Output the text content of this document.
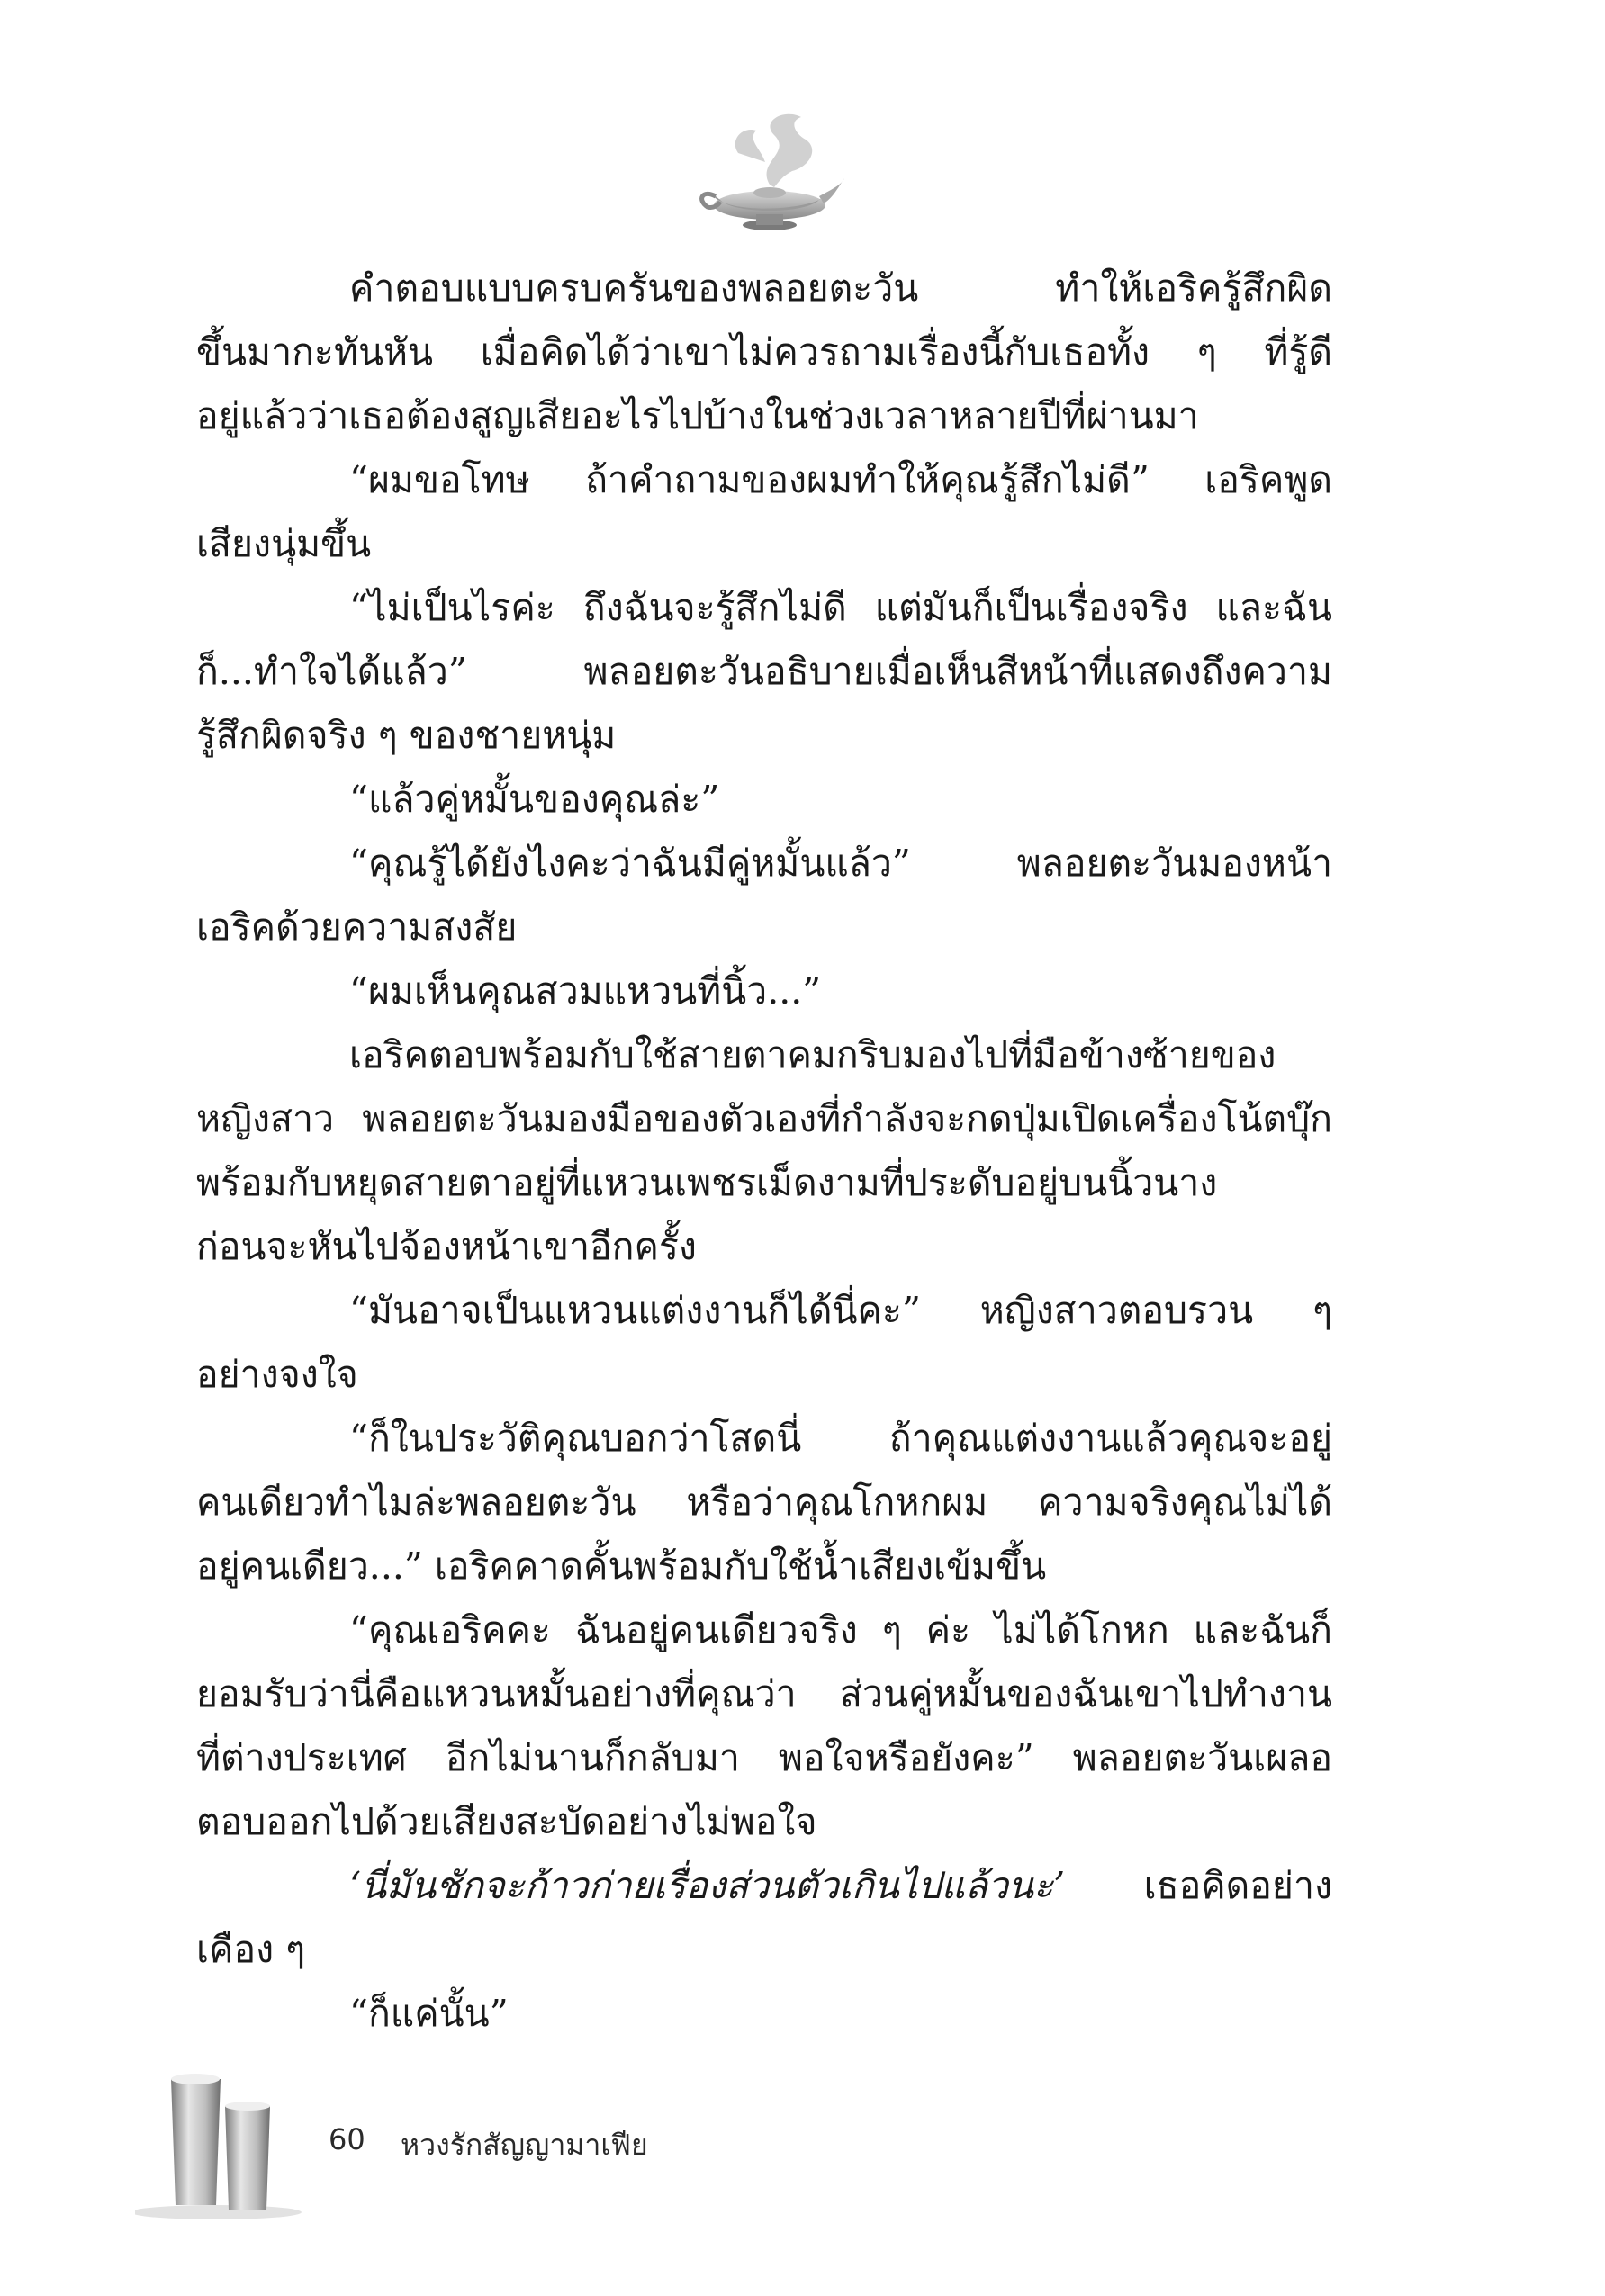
คำตอบแบบครบครันของพลอยตะวัน ทำให้เอริครู้สึกผิด
ขึ้นมากะทันหัน เมื่อคิดได้ว่าเขาไม่ควรถามเรื่องนี้กับเธอทั้ง ๆ ที่รู้ดี
อยู่แล้วว่าเธอต้องสูญเสียอะไรไปบ้างในช่วงเวลาหลายปีที่ผ่านมา
“ผมขอโทษ ถ้าคำถามของผมทำให้คุณรู้สึกไม่ดี” เอริคพูด
เสียงนุ่มขึ้น
“ไม่เป็นไรค่ะ ถึงฉันจะรู้สึกไม่ดี แต่มันก็เป็นเรื่องจริง และฉัน
ก็...ทำใจได้แล้ว” พลอยตะวันอธิบายเมื่อเห็นสีหน้าที่แสดงถึงความ
รู้สึกผิดจริง ๆ ของชายหนุ่ม
“แล้วคู่หมั้นของคุณล่ะ”
“คุณรู้ได้ยังไงคะว่าฉันมีคู่หมั้นแล้ว” พลอยตะวันมองหน้า
เอริคด้วยความสงสัย
“ผมเห็นคุณสวมแหวนที่นิ้ว...”
เอริคตอบพร้อมกับใช้สายตาคมกริบมองไปที่มือข้างซ้ายของ
หญิงสาว พลอยตะวันมองมือของตัวเองที่กำลังจะกดปุ่มเปิดเครื่องโน้ตบุ๊ก
พร้อมกับหยุดสายตาอยู่ที่แหวนเพชรเม็ดงามที่ประดับอยู่บนนิ้วนาง
ก่อนจะหันไปจ้องหน้าเขาอีกครั้ง
“มันอาจเป็นแหวนแต่งงานก็ได้นี่คะ” หญิงสาวตอบรวน ๆ
อย่างจงใจ
“ก็ในประวัติคุณบอกว่าโสดนี่ ถ้าคุณแต่งงานแล้วคุณจะอยู่
คนเดียวทำไมล่ะพลอยตะวัน หรือว่าคุณโกหกผม ความจริงคุณไม่ได้
อยู่คนเดียว...” เอริคคาดคั้นพร้อมกับใช้น้ำเสียงเข้มขึ้น
“คุณเอริคคะ ฉันอยู่คนเดียวจริง ๆ ค่ะ ไม่ได้โกหก และฉันก็
ยอมรับว่านี่คือแหวนหมั้นอย่างที่คุณว่า ส่วนคู่หมั้นของฉันเขาไปทำงาน
ที่ต่างประเทศ อีกไม่นานก็กลับมา พอใจหรือยังคะ” พลอยตะวันเผลอ
ตอบออกไปด้วยเสียงสะบัดอย่างไม่พอใจ
‘นี่มันชักจะก้าวก่ายเรื่องส่วนตัวเกินไปแล้วนะ’ เธอคิดอย่าง
เคือง ๆ
“ก็แค่นั้น”
60 หวงรักสัญญามาเฟีย
